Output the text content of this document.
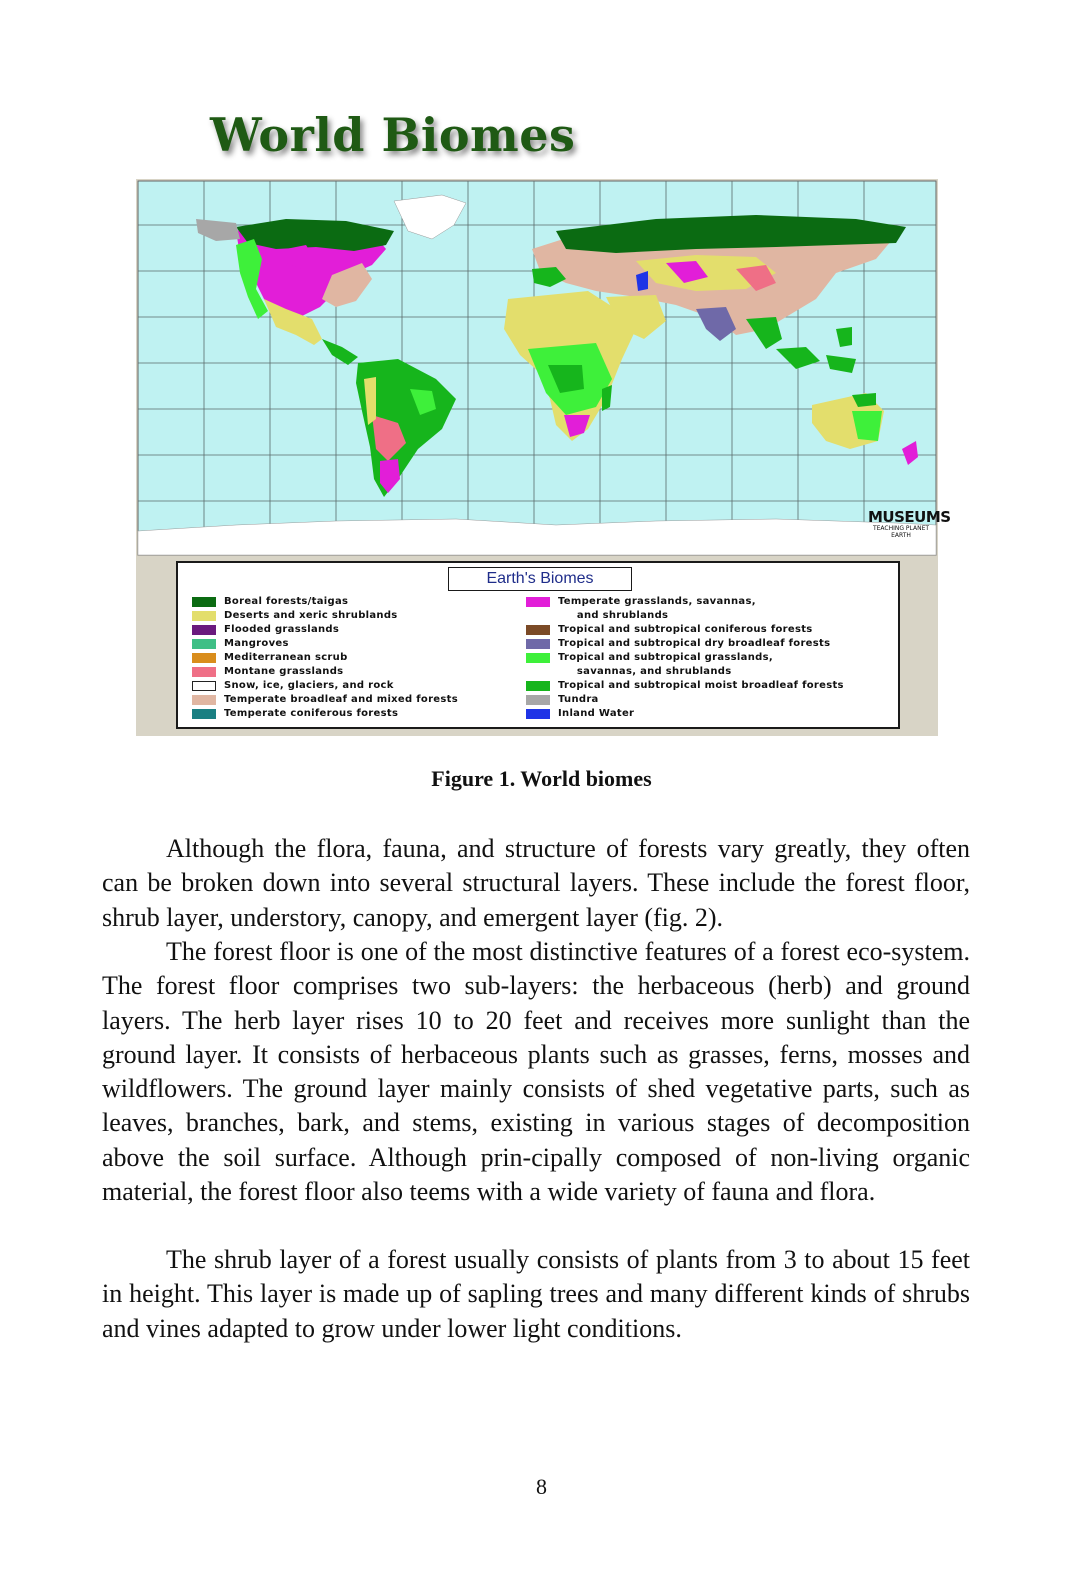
World Biomes
MUSEUMS
TEACHING PLANET EARTH
Earth's Biomes
Boreal forests/taigas
Deserts and xeric shrublands
Flooded grasslands
Mangroves
Mediterranean scrub
Montane grasslands
Snow, ice, glaciers, and rock
Temperate broadleaf and mixed forests
Temperate coniferous forests
Temperate grasslands, savannas,
and shrublands
Tropical and subtropical coniferous forests
Tropical and subtropical dry broadleaf forests
Tropical and subtropical grasslands,
savannas, and shrublands
Tropical and subtropical moist broadleaf forests
Tundra
Inland Water
Figure 1. World biomes

Although the flora, fauna, and structure of forests vary greatly, they often can be broken down into several structural layers. These include the forest floor, shrub layer, understory, canopy, and emergent layer (fig. 2).

The forest floor is one of the most distinctive features of a forest eco-system. The forest floor comprises two sub-layers: the herbaceous (herb) and ground layers. The herb layer rises 10 to 20 feet and receives more sunlight than the ground layer. It consists of herbaceous plants such as grasses, ferns, mosses and wildflowers. The ground layer mainly consists of shed vegetative parts, such as leaves, branches, bark, and stems, existing in various stages of decomposition above the soil surface. Although prin-cipally composed of non-living organic material, the forest floor also teems with a wide variety of fauna and flora.

The shrub layer of a forest usually consists of plants from 3 to about 15 feet in height. This layer is made up of sapling trees and many different kinds of shrubs and vines adapted to grow under lower light conditions.

8
